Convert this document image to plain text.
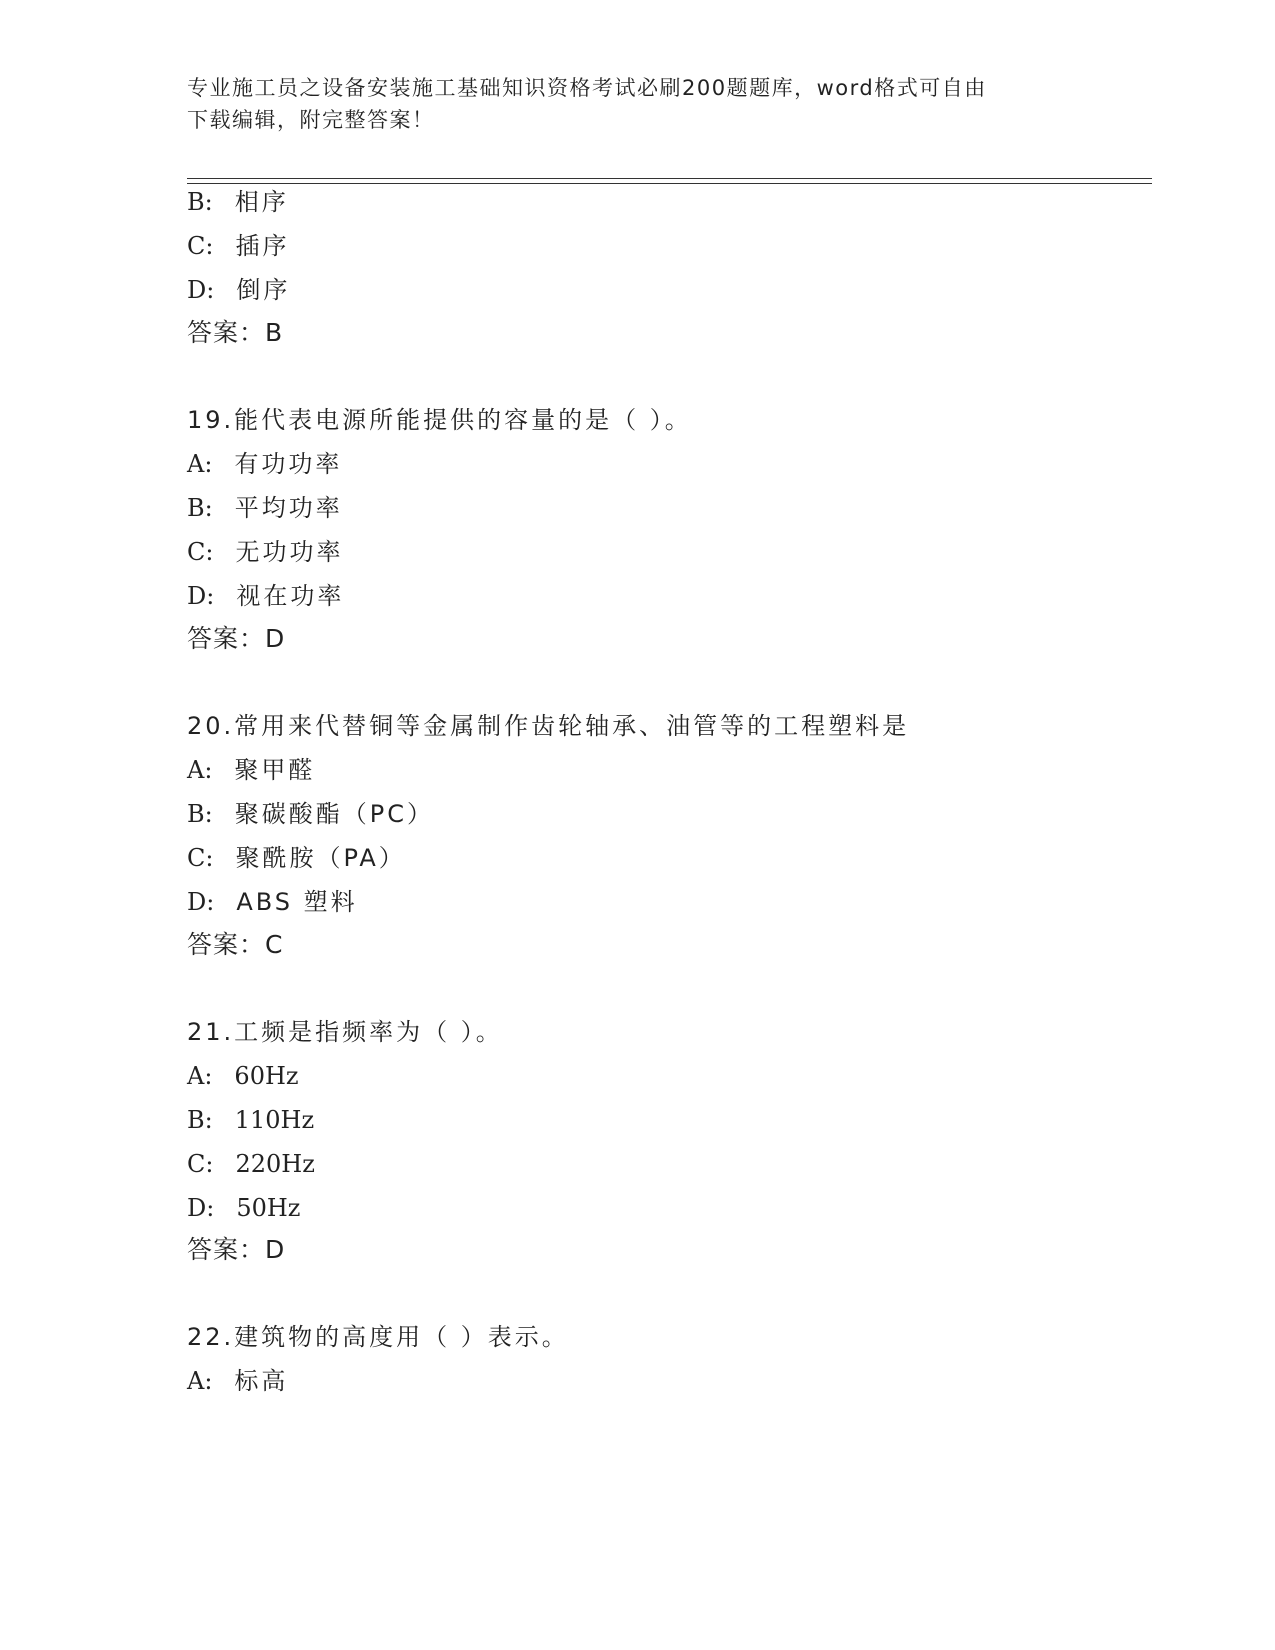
专业施工员之设备安装施工基础知识资格考试必刷200题题库，word格式可自由
下载编辑，附完整答案！
B: 相序
C: 插序
D: 倒序
答案：B
19.能代表电源所能提供的容量的是（ ）。
A: 有功功率
B: 平均功率
C: 无功功率
D: 视在功率
答案：D
20.常用来代替铜等金属制作齿轮轴承、油管等的工程塑料是
A: 聚甲醛
B: 聚碳酸酯（PC）
C: 聚酰胺（PA）
D: ABS 塑料
答案：C
21.工频是指频率为（ ）。
A: 60Hz
B: 110Hz
C: 220Hz
D: 50Hz
答案：D
22.建筑物的高度用（ ）表示。
A: 标高
